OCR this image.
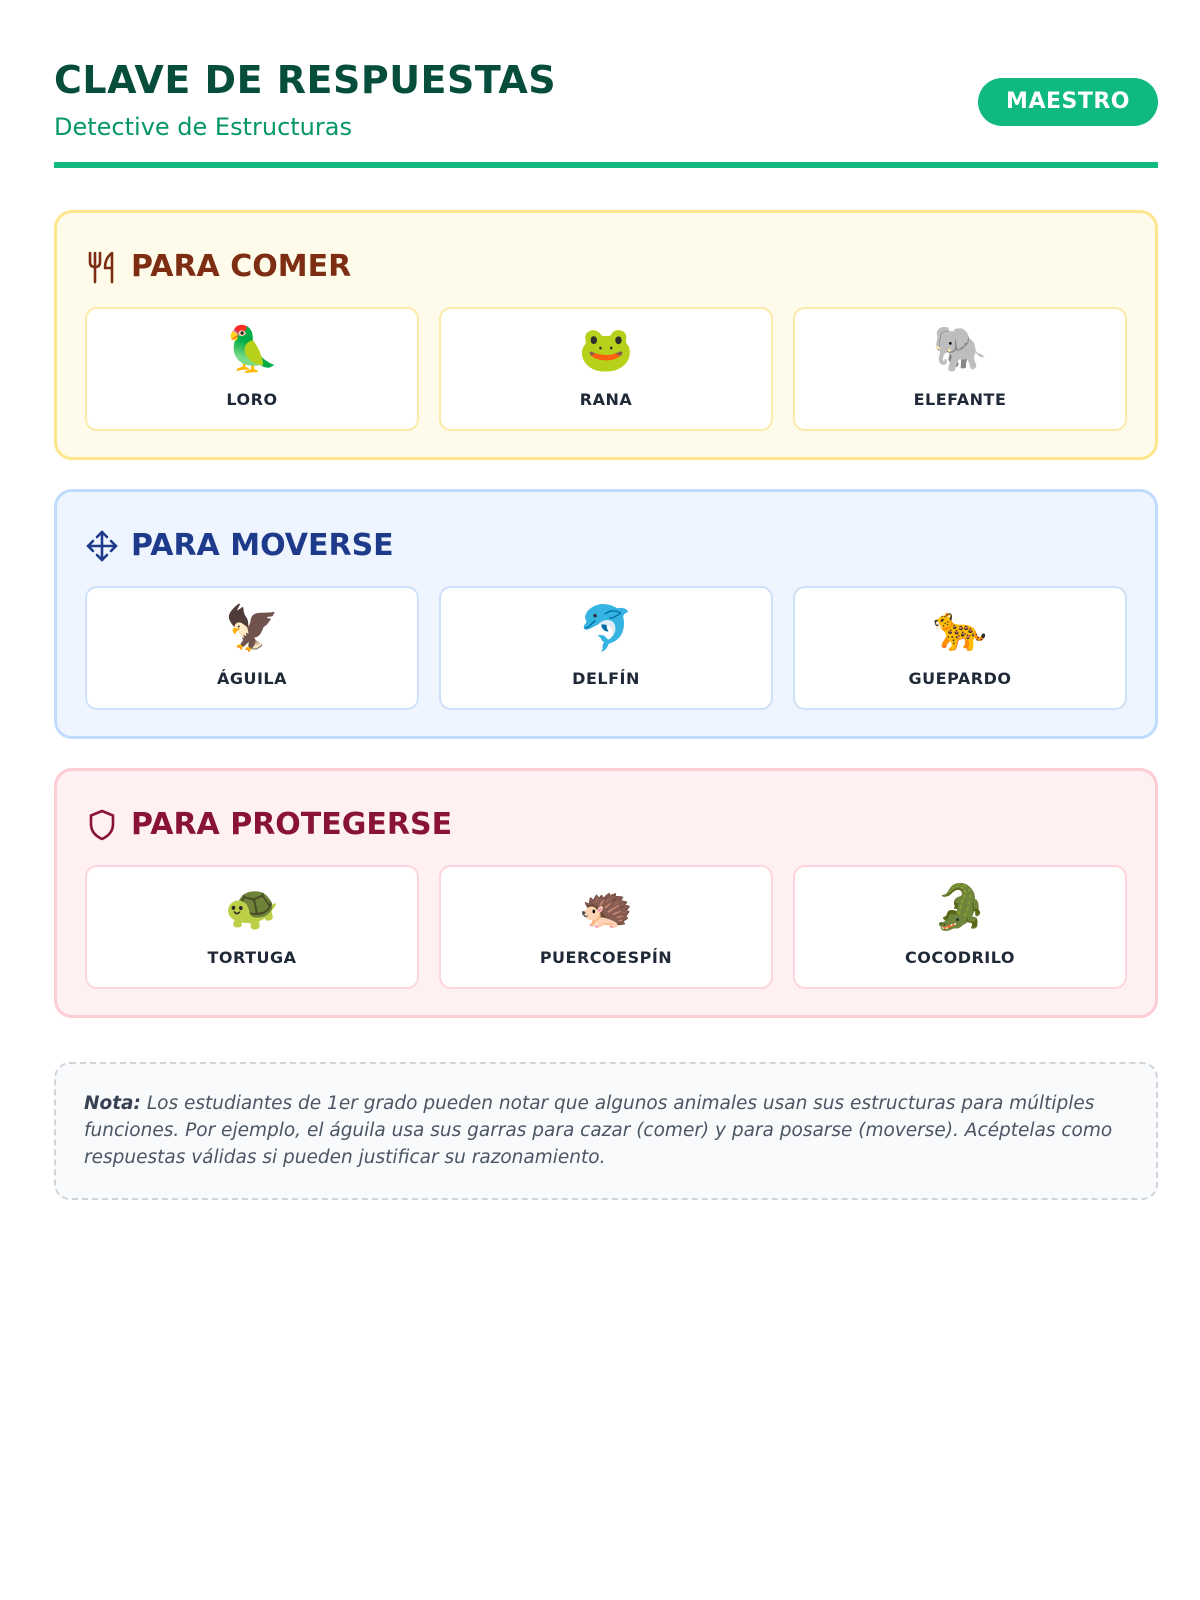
CLAVE DE RESPUESTAS
Detective de Estructuras
MAESTRO
PARA COMER
🦜
LORO
🐸
RANA
🐘
ELEFANTE
PARA MOVERSE
🦅
ÁGUILA
🐬
DELFÍN
🐆
GUEPARDO
PARA PROTEGERSE
🐢
TORTUGA
🦔
PUERCOESPÍN
🐊
COCODRILO
Nota: Los estudiantes de 1er grado pueden notar que algunos animales usan sus estructuras para múltiples funciones. Por ejemplo, el águila usa sus garras para cazar (comer) y para posarse (moverse). Acéptelas como respuestas válidas si pueden justificar su razonamiento.
